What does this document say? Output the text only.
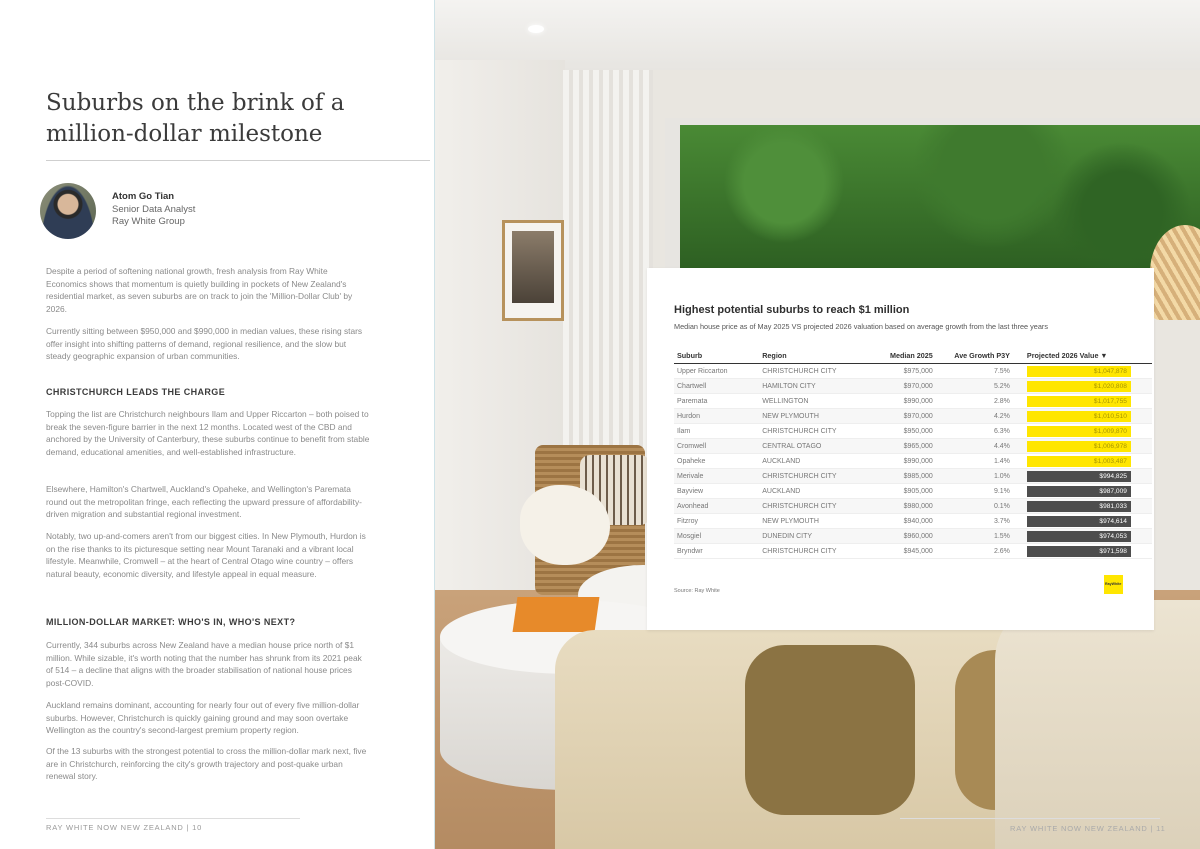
Suburbs on the brink of a million-dollar milestone
Atom Go Tian
Senior Data Analyst
Ray White Group

Despite a period of softening national growth, fresh analysis from Ray White Economics shows that momentum is quietly building in pockets of New Zealand's residential market, as seven suburbs are on track to join the 'Million-Dollar Club' by 2026.

Currently sitting between $950,000 and $990,000 in median values, these rising stars offer insight into shifting patterns of demand, regional resilience, and the slow but steady geographic expansion of urban communities.

CHRISTCHURCH LEADS THE CHARGE

Topping the list are Christchurch neighbours Ilam and Upper Riccarton – both poised to break the seven-figure barrier in the next 12 months. Located west of the CBD and anchored by the University of Canterbury, these suburbs continue to benefit from stable demand, educational amenities, and well-established infrastructure.

Elsewhere, Hamilton's Chartwell, Auckland's Opaheke, and Wellington's Paremata round out the metropolitan fringe, each reflecting the upward pressure of affordability-driven migration and substantial regional investment.

Notably, two up-and-comers aren't from our biggest cities. In New Plymouth, Hurdon is on the rise thanks to its picturesque setting near Mount Taranaki and a vibrant local lifestyle. Meanwhile, Cromwell – at the heart of Central Otago wine country – offers natural beauty, economic diversity, and lifestyle appeal in equal measure.

MILLION-DOLLAR MARKET: WHO'S IN, WHO'S NEXT?

Currently, 344 suburbs across New Zealand have a median house price north of $1 million. While sizable, it's worth noting that the number has shrunk from its 2021 peak of 514 – a decline that aligns with the broader stabilisation of national house prices post-COVID.

Auckland remains dominant, accounting for nearly four out of every five million-dollar suburbs. However, Christchurch is quickly gaining ground and may soon overtake Wellington as the country's second-largest premium property region.

Of the 13 suburbs with the strongest potential to cross the million-dollar mark next, five are in Christchurch, reinforcing the city's growth trajectory and post-quake urban renewal story.

RAY WHITE NOW NEW ZEALAND | 10	RAY WHITE NOW NEW ZEALAND | 11
Highest potential suburbs to reach $1 million
Median house price as of May 2025 VS projected 2026 valuation based on average growth from the last three years
Suburb	Region	Median 2025	Ave Growth P3Y	Projected 2026 Value ▼
Upper Riccarton	CHRISTCHURCH CITY	$975,000	7.5%	$1,047,878

Chartwell	HAMILTON CITY	$970,000	5.2%	$1,020,808

Paremata	WELLINGTON	$990,000	2.8%	$1,017,755

Hurdon	NEW PLYMOUTH	$970,000	4.2%	$1,010,510

Ilam	CHRISTCHURCH CITY	$950,000	6.3%	$1,009,870

Cromwell	CENTRAL OTAGO	$965,000	4.4%	$1,006,978

Opaheke	AUCKLAND	$990,000	1.4%	$1,003,487

Merivale	CHRISTCHURCH CITY	$985,000	1.0%	$994,825

Bayview	AUCKLAND	$905,000	9.1%	$987,009

Avonhead	CHRISTCHURCH CITY	$980,000	0.1%	$981,033

Fitzroy	NEW PLYMOUTH	$940,000	3.7%	$974,614

Mosgiel	DUNEDIN CITY	$960,000	1.5%	$974,053

Bryndwr	CHRISTCHURCH CITY	$945,000	2.6%	$971,598
Source: Ray White
RayWhite
